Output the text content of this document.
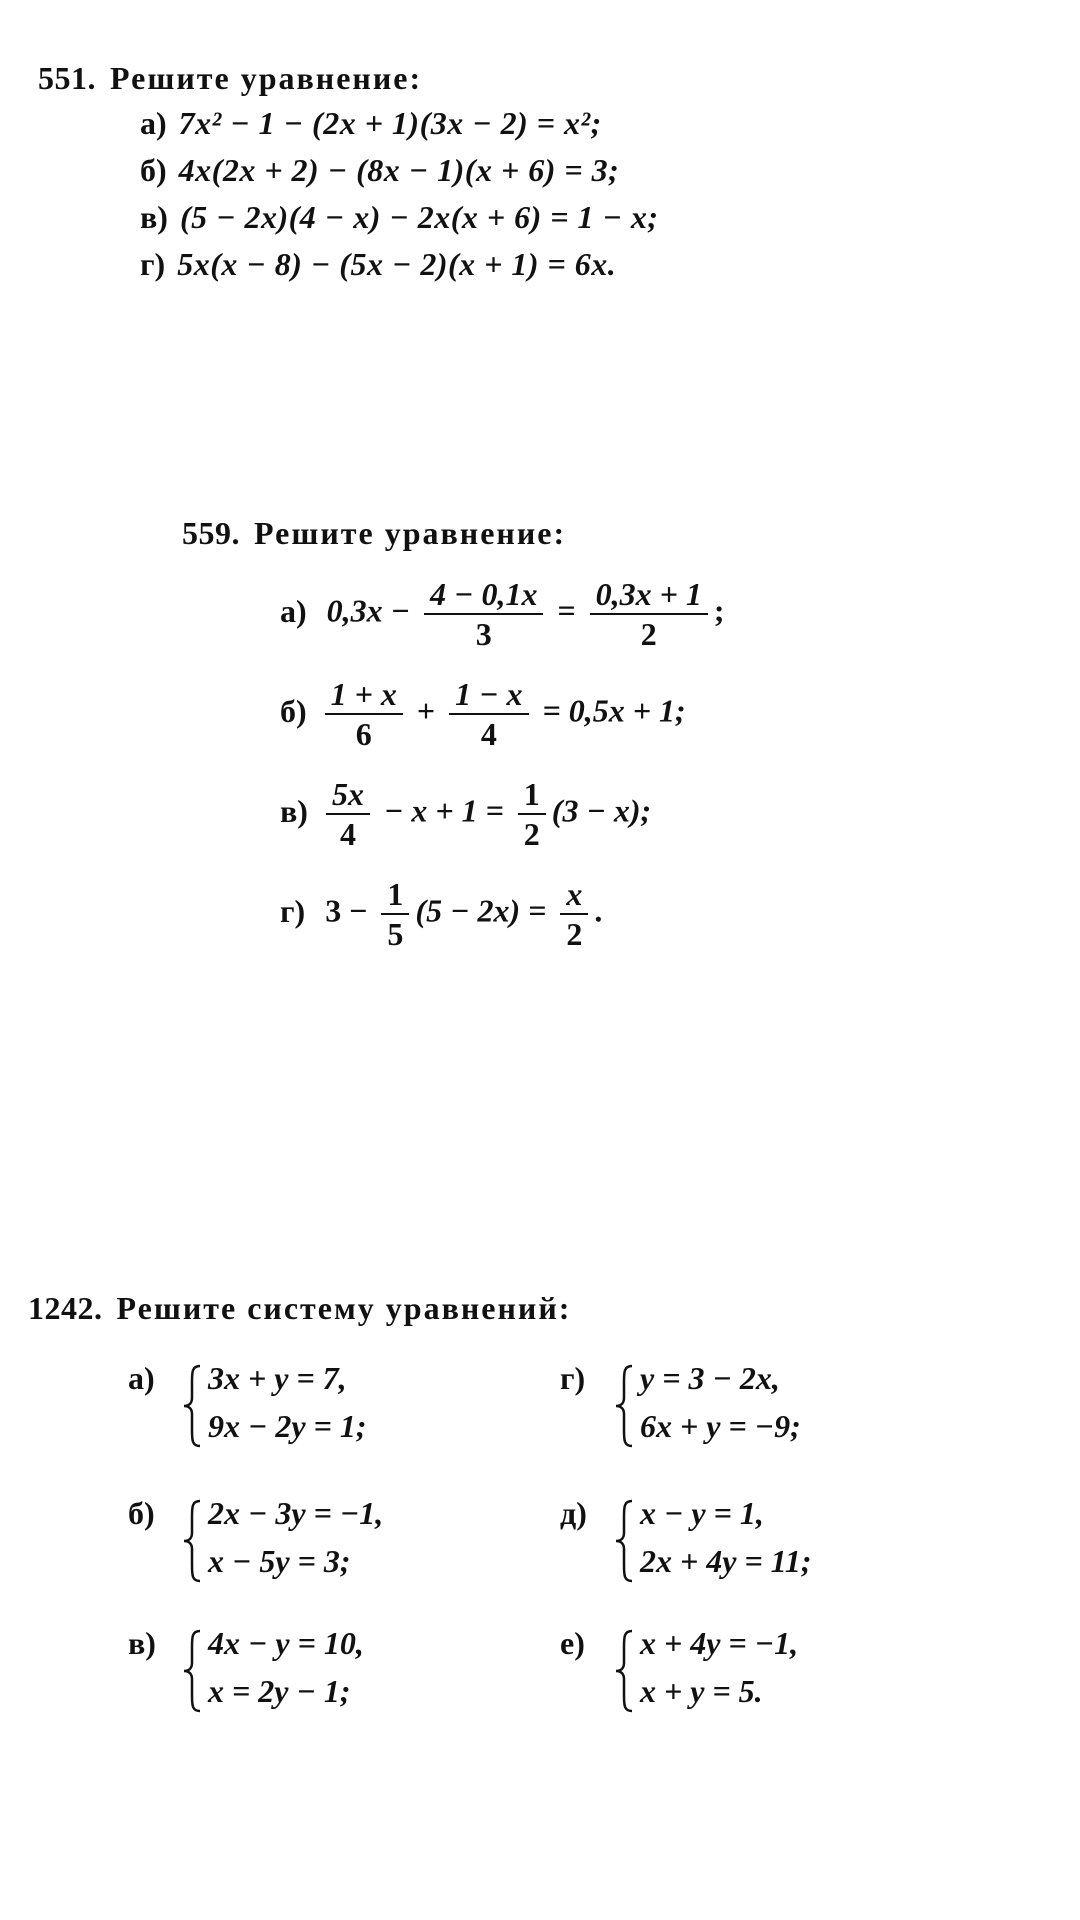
551. Решите уравнение:
а) 7x² − 1 − (2x + 1)(3x − 2) = x²;
б) 4x(2x + 2) − (8x − 1)(x + 6) = 3;
в) (5 − 2x)(4 − x) − 2x(x + 6) = 1 − x;
г) 5x(x − 8) − (5x − 2)(x + 1) = 6x.
559. Решите уравнение:
а) $0,3x - \frac{4 - 0,1x}{3} = \frac{0,3x + 1}{2}$ ;
$б) \frac{1 + x}{6} + \frac{1 - x}{4} = 0,5x + 1$;
$в) \frac{5x}{4} - x + 1 = \frac{1}{2} (3 - x)$;
г) $3 - \frac{1}{5} (5 - 2x) = \frac{x}{2}$ .
1242. Решите систему уравнений:
а) 3x + y = 7,
9x − 2y = 1;
г) y = 3 − 2x,
6x + y = −9;
б) 2x − 3y = −1,
x − 5y = 3;
д) x − y = 1,
2x + 4y = 11;
в) 4x − y = 10,
x = 2y − 1;
е) x + 4y = −1,
x + y = 5.
